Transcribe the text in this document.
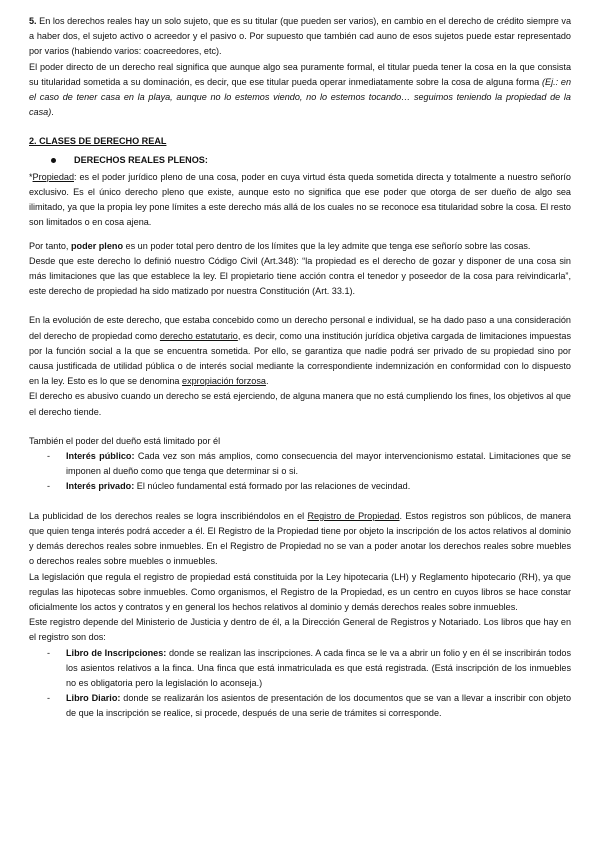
5. En los derechos reales hay un solo sujeto, que es su titular (que pueden ser varios), en cambio en el derecho de crédito siempre va a haber dos, el sujeto activo o acreedor y el pasivo o. Por supuesto que también cad auno de esos sujetos puede estar representado por varios (habiendo varios: coacreedores, etc).

El poder directo de un derecho real significa que aunque algo sea puramente formal, el titular pueda tener la cosa en la que consista su titularidad sometida a su dominación, es decir, que ese titular pueda operar inmediatamente sobre la cosa de alguna forma (Ej.: en el caso de tener casa en la playa, aunque no lo estemos viendo, no lo estemos tocando… seguimos teniendo la propiedad de la casa).

2. CLASES DE DERECHO REAL

DERECHOS REALES PLENOS:

*Propiedad: es el poder jurídico pleno de una cosa, poder en cuya virtud ésta queda sometida directa y totalmente a nuestro señorío exclusivo. Es el único derecho pleno que existe, aunque esto no significa que ese poder que otorga de ser dueño de algo sea ilimitado, ya que la propia ley pone límites a este derecho más allá de los cuales no se reconoce esa titularidad sobre la cosa. El resto son limitados o en cosa ajena.

Por tanto, poder pleno es un poder total pero dentro de los límites que la ley admite que tenga ese señorío sobre las cosas.

Desde que este derecho lo definió nuestro Código Civil (Art.348): “la propiedad es el derecho de gozar y disponer de una cosa sin más limitaciones que las que establece la ley. El propietario tiene acción contra el tenedor y poseedor de la cosa para reivindicarla”, este derecho de propiedad ha sido matizado por nuestra Constitución (Art. 33.1).

En la evolución de este derecho, que estaba concebido como un derecho personal e individual, se ha dado paso a una consideración del derecho de propiedad como derecho estatutario, es decir, como una institución jurídica objetiva cargada de limitaciones impuestas por la función social a la que se encuentra sometida. Por ello, se garantiza que nadie podrá ser privado de su propiedad sino por causa justificada de utilidad pública o de interés social mediante la correspondiente indemnización en conformidad con lo dispuesto en la ley. Esto es lo que se denomina expropiación forzosa.

El derecho es abusivo cuando un derecho se está ejerciendo, de alguna manera que no está cumpliendo los fines, los objetivos al que el derecho tiende.

También el poder del dueño está limitado por él

-	Interés público: Cada vez son más amplios, como consecuencia del mayor intervencionismo estatal. Limitaciones que se imponen al dueño como que tenga que determinar si o si.
-	Interés privado: El núcleo fundamental está formado por las relaciones de vecindad.

La publicidad de los derechos reales se logra inscribiéndolos en el Registro de Propiedad. Estos registros son públicos, de manera que quien tenga interés podrá acceder a él. El Registro de la Propiedad tiene por objeto la inscripción de los actos relativos al dominio y demás derechos reales sobre inmuebles. En el Registro de Propiedad no se van a poder anotar los derechos reales sobre muebles o derechos reales sobre muebles o inmuebles.

La legislación que regula el registro de propiedad está constituida por la Ley hipotecaria (LH) y Reglamento hipotecario (RH), ya que regulas las hipotecas sobre inmuebles. Como organismos, el Registro de la Propiedad, es un centro en cuyos libros se hace constar oficialmente los actos y contratos y en general los hechos relativos al dominio y demás derechos reales sobre inmuebles.

Este registro depende del Ministerio de Justicia y dentro de él, a la Dirección General de Registros y Notariado. Los libros que hay en el registro son dos:

-	Libro de Inscripciones: donde se realizan las inscripciones. A cada finca se le va a abrir un folio y en él se inscribirán todos los asientos relativos a la finca. Una finca que está inmatriculada es que está registrada. (Está inscripción de los inmuebles no es obligatoria pero la legislación lo aconseja.)
-	Libro Diario: donde se realizarán los asientos de presentación de los documentos que se van a llevar a inscribir con objeto de que la inscripción se realice, si procede, después de una serie de trámites si corresponde.
